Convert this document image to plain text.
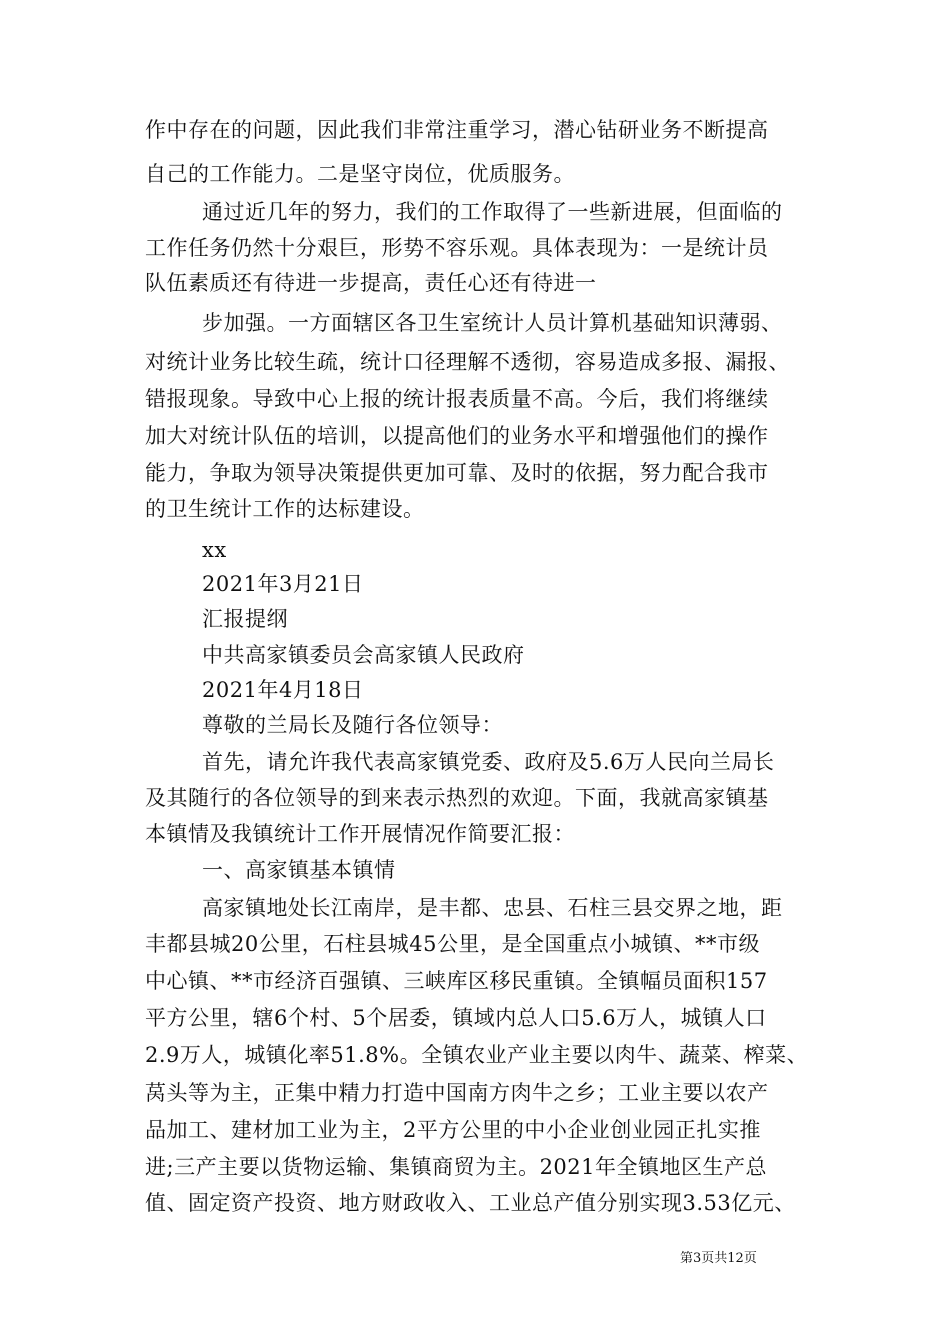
作中存在的问题，因此我们非常注重学习，潜心钻研业务不断提高
自己的工作能力。二是坚守岗位，优质服务。
通过近几年的努力，我们的工作取得了一些新进展，但面临的
工作任务仍然十分艰巨，形势不容乐观。具体表现为：一是统计员
队伍素质还有待进一步提高，责任心还有待进一
步加强。一方面辖区各卫生室统计人员计算机基础知识薄弱、
对统计业务比较生疏，统计口径理解不透彻，容易造成多报、漏报、
错报现象。导致中心上报的统计报表质量不高。今后，我们将继续
加大对统计队伍的培训，以提高他们的业务水平和增强他们的操作
能力，争取为领导决策提供更加可靠、及时的依据，努力配合我市
的卫生统计工作的达标建设。
xx
2021年3月21日
汇报提纲
中共高家镇委员会高家镇人民政府
2021年4月18日
尊敬的兰局长及随行各位领导：
首先，请允许我代表高家镇党委、政府及5.6万人民向兰局长
及其随行的各位领导的到来表示热烈的欢迎。下面，我就高家镇基
本镇情及我镇统计工作开展情况作简要汇报：
一、高家镇基本镇情
高家镇地处长江南岸，是丰都、忠县、石柱三县交界之地，距
丰都县城20公里，石柱县城45公里，是全国重点小城镇、**市级
中心镇、**市经济百强镇、三峡库区移民重镇。全镇幅员面积157
平方公里，辖6个村、5个居委，镇域内总人口5.6万人，城镇人口
2.9万人，城镇化率51.8%。全镇农业产业主要以肉牛、蔬菜、榨菜、
莴头等为主，正集中精力打造中国南方肉牛之乡；工业主要以农产
品加工、建材加工业为主，2平方公里的中小企业创业园正扎实推
进;三产主要以货物运输、集镇商贸为主。2021年全镇地区生产总
值、固定资产投资、地方财政收入、工业总产值分别实现3.53亿元、
第3页共12页
